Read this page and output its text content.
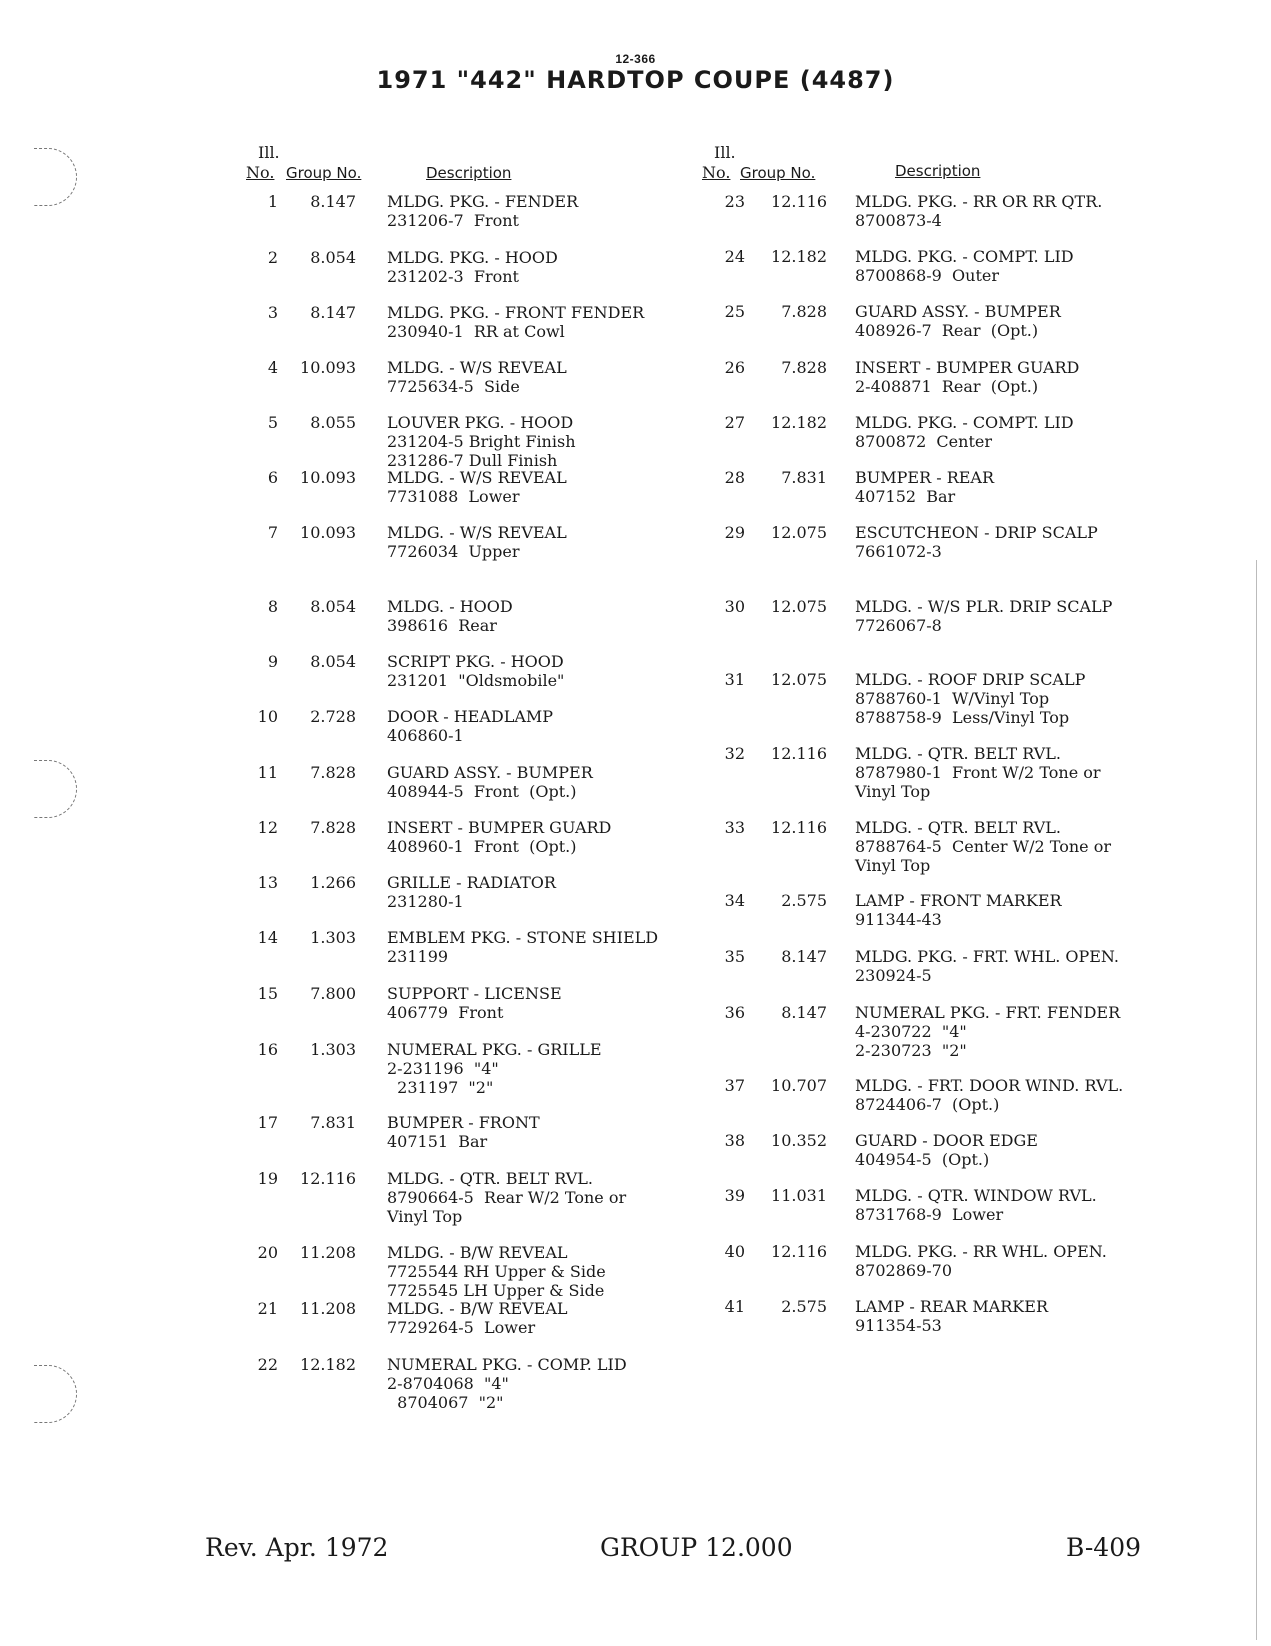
12-366
1971 "442" HARDTOP COUPE (4487)
Ill.
No. Group No.	Description
Ill.
No. Group No.	Description
1	8.147 MLDG. PKG. - FENDER
231206-7  Front
2	8.054 MLDG. PKG. - HOOD
231202-3  Front
3	8.147 MLDG. PKG. - FRONT FENDER
230940-1  RR at Cowl
4	10.093 MLDG. - W/S REVEAL
7725634-5  Side
5	8.055 LOUVER PKG. - HOOD
231204-5 Bright Finish
231286-7 Dull Finish
6	10.093 MLDG. - W/S REVEAL
7731088  Lower
7	10.093 MLDG. - W/S REVEAL
7726034  Upper
8	8.054 MLDG. - HOOD
398616  Rear
9	8.054 SCRIPT PKG. - HOOD
231201  "Oldsmobile"
10	2.728 DOOR - HEADLAMP
406860-1
11	7.828 GUARD ASSY. - BUMPER
408944-5  Front  (Opt.)
12	7.828 INSERT - BUMPER GUARD
408960-1  Front  (Opt.)
13	1.266 GRILLE - RADIATOR
231280-1
14	1.303 EMBLEM PKG. - STONE SHIELD
231199
15	7.800 SUPPORT - LICENSE
406779  Front
16	1.303 NUMERAL PKG. - GRILLE
2-231196  "4"
231197  "2"
17	7.831 BUMPER - FRONT
407151  Bar
19	12.116 MLDG. - QTR. BELT RVL.
8790664-5  Rear W/2 Tone or
Vinyl Top
20	11.208 MLDG. - B/W REVEAL
7725544 RH Upper & Side
7725545 LH Upper & Side
21	11.208 MLDG. - B/W REVEAL
7729264-5  Lower
22	12.182 NUMERAL PKG. - COMP. LID
2-8704068  "4"
8704067  "2"
23	12.116 MLDG. PKG. - RR OR RR QTR.
8700873-4
24	12.182 MLDG. PKG. - COMPT. LID
8700868-9  Outer
25	7.828 GUARD ASSY. - BUMPER
408926-7  Rear  (Opt.)
26	7.828 INSERT - BUMPER GUARD
2-408871  Rear  (Opt.)
27	12.182 MLDG. PKG. - COMPT. LID
8700872  Center
28	7.831 BUMPER - REAR
407152  Bar
29	12.075 ESCUTCHEON - DRIP SCALP
7661072-3
30	12.075 MLDG. - W/S PLR. DRIP SCALP
7726067-8
31	12.075 MLDG. - ROOF DRIP SCALP
8788760-1  W/Vinyl Top
8788758-9  Less/Vinyl Top
32	12.116 MLDG. - QTR. BELT RVL.
8787980-1  Front W/2 Tone or
Vinyl Top
33	12.116 MLDG. - QTR. BELT RVL.
8788764-5  Center W/2 Tone or
Vinyl Top
34	2.575 LAMP - FRONT MARKER
911344-43
35	8.147 MLDG. PKG. - FRT. WHL. OPEN.
230924-5
36	8.147 NUMERAL PKG. - FRT. FENDER
4-230722  "4"
2-230723  "2"
37	10.707 MLDG. - FRT. DOOR WIND. RVL.
8724406-7  (Opt.)
38	10.352 GUARD - DOOR EDGE
404954-5  (Opt.)
39	11.031 MLDG. - QTR. WINDOW RVL.
8731768-9  Lower
40	12.116 MLDG. PKG. - RR WHL. OPEN.
8702869-70
41	2.575 LAMP - REAR MARKER
911354-53
Rev. Apr. 1972	GROUP 12.000	B-409
